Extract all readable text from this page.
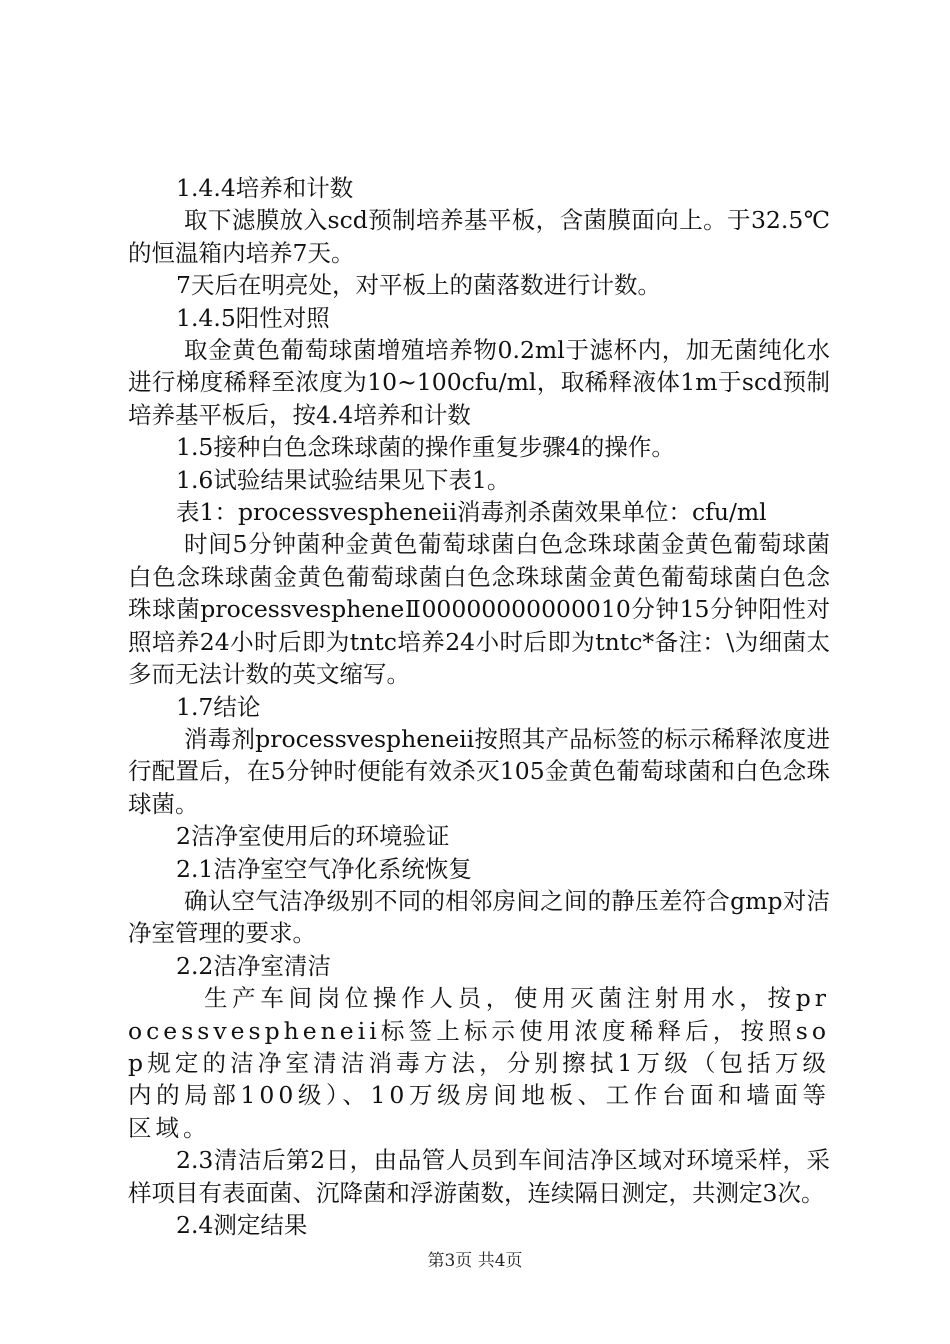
1.4.4培养和计数

取下滤膜放入scd预制培养基平板，含菌膜面向上。于32.5℃的恒温箱内培养7天。

7天后在明亮处，对平板上的菌落数进行计数。

1.4.5阳性对照

取金黄色葡萄球菌增殖培养物0.2ml于滤杯内，加无菌纯化水进行梯度稀释至浓度为10~100cfu/ml，取稀释液体1m于scd预制培养基平板后，按4.4培养和计数

1.5接种白色念珠球菌的操作重复步骤4的操作。

1.6试验结果试验结果见下表1。

表1：processvespheneii消毒剂杀菌效果单位：cfu/ml

时间5分钟菌种金黄色葡萄球菌白色念珠球菌金黄色葡萄球菌白色念珠球菌金黄色葡萄球菌白色念珠球菌金黄色葡萄球菌白色念珠球菌processvespheneⅡ00000000000010分钟15分钟阳性对照培养24小时后即为tntc培养24小时后即为tntc*备注：\为细菌太多而无法计数的英文缩写。

1.7结论

消毒剂processvespheneii按照其产品标签的标示稀释浓度进行配置后，在5分钟时便能有效杀灭105金黄色葡萄球菌和白色念珠球菌。

2洁净室使用后的环境验证

2.1洁净室空气净化系统恢复

确认空气洁净级别不同的相邻房间之间的静压差符合gmp对洁净室管理的要求。

2.2洁净室清洁

生产车间岗位操作人员，使用灭菌注射用水，按processvespheneii标签上标示使用浓度稀释后，按照sop规定的洁净室清洁消毒方法，分别擦拭1万级（包括万级内的局部100级）、10万级房间地板、工作台面和墙面等区域。

2.3清洁后第2日，由品管人员到车间洁净区域对环境采样，采样项目有表面菌、沉降菌和浮游菌数，连续隔日测定，共测定3次。

2.4测定结果

第3页 共4页
